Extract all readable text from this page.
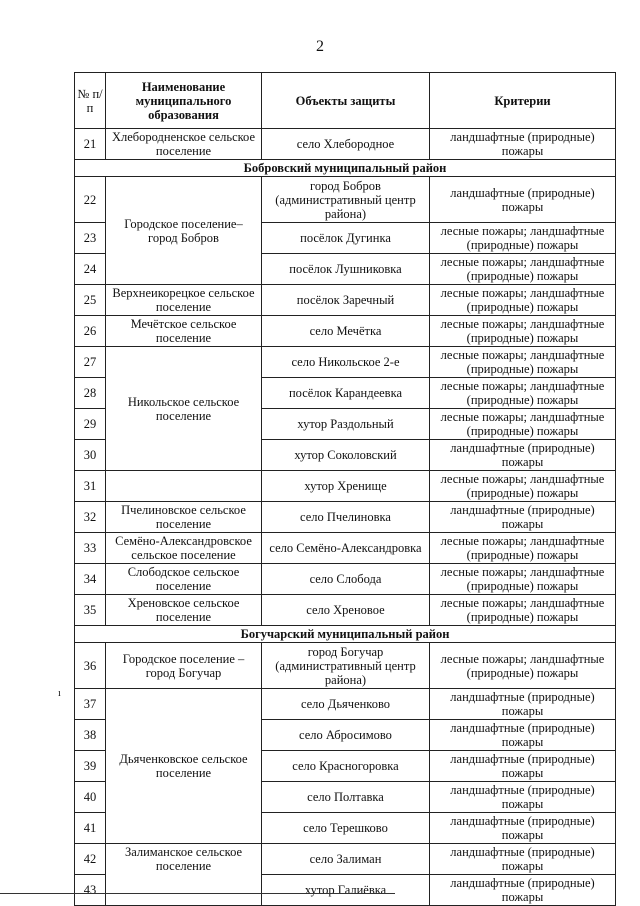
2
ı
№ п/ п	Наименование муниципального образования	Объекты защиты	Критерии
21	Хлебородненское сельское поселение	село Хлебородное	ландшафтные (природные) пожары
Бобровский муниципальный район			
22	Городское поселение– город Бобров	город Бобров (административный центр района)	ландшафтные (природные) пожары
23		посёлок Дугинка	лесные пожары; ландшафтные (природные) пожары
24		посёлок Лушниковка	лесные пожары; ландшафтные (природные) пожары
25	Верхнеикорецкое сельское поселение	посёлок Заречный	лесные пожары; ландшафтные (природные) пожары
26	Мечётское сельское поселение	село Мечётка	лесные пожары; ландшафтные (природные) пожары
27	Никольское сельское поселение	село Никольское 2-е	лесные пожары; ландшафтные (природные) пожары
28		посёлок Карандеевка	лесные пожары; ландшафтные (природные) пожары
29		хутор Раздольный	лесные пожары; ландшафтные (природные) пожары
30		хутор Соколовский	ландшафтные (природные) пожары
31		хутор Хренище	лесные пожары; ландшафтные (природные) пожары
32	Пчелиновское сельское поселение	село Пчелиновка	ландшафтные (природные) пожары
33	Семёно-Александровское сельское поселение	село Семёно-Александровка	лесные пожары; ландшафтные (природные) пожары
34	Слободское сельское поселение	село Слобода	лесные пожары; ландшафтные (природные) пожары
35	Хреновское сельское поселение	село Хреновое	лесные пожары; ландшафтные (природные) пожары
Богучарский муниципальный район			
36	Городское поселение – город Богучар	город Богучар (административный центр района)	лесные пожары; ландшафтные (природные) пожары
37	Дьяченковское сельское поселение	село Дьяченково	ландшафтные (природные) пожары
38		село Абросимово	ландшафтные (природные) пожары
39		село Красногоровка	ландшафтные (природные) пожары
40		село Полтавка	ландшафтные (природные) пожары
41		село Терешково	ландшафтные (природные) пожары
42	Залиманское сельское поселение	село Залиман	ландшафтные (природные) пожары
43		хутор Галиёвка	ландшафтные (природные) пожары
